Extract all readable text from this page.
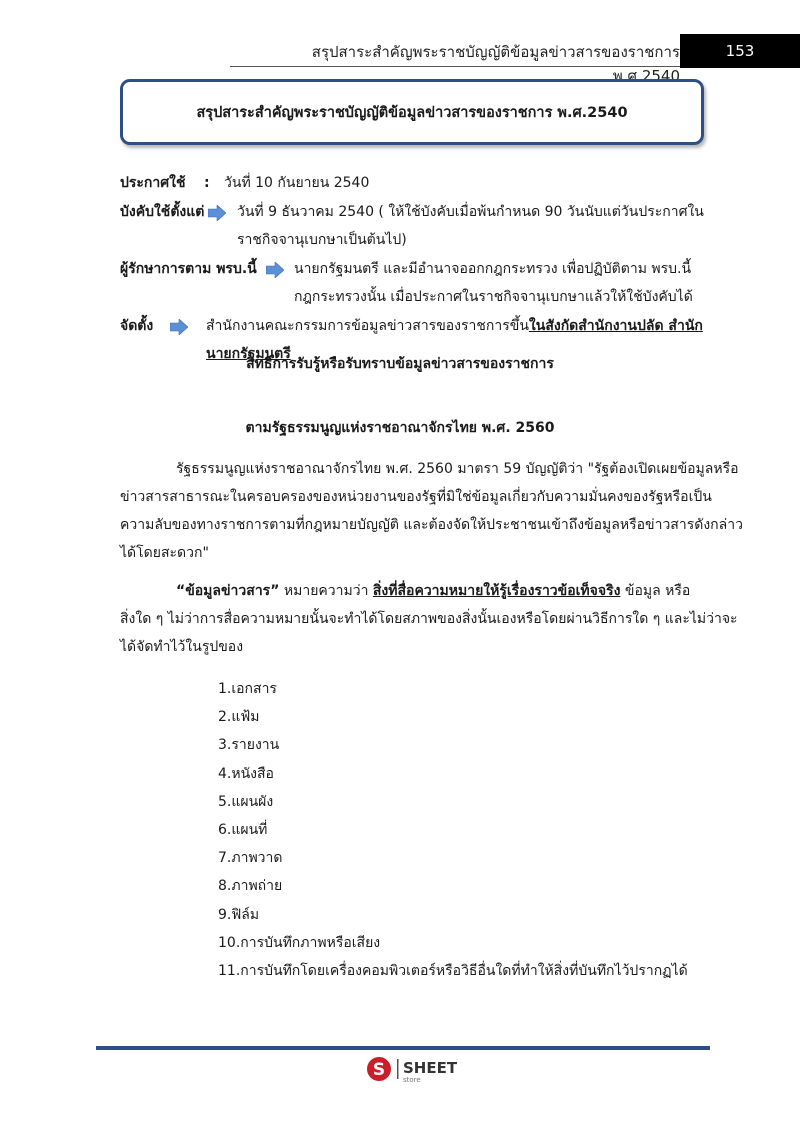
สรุปสาระสำคัญพระราชบัญญัติข้อมูลข่าวสารของราชการ พ.ศ.2540
153
สรุปสาระสำคัญพระราชบัญญัติข้อมูลข่าวสารของราชการ พ.ศ.2540
ประกาศใช้ : วันที่ 10 กันยายน 2540
บังคับใช้ตั้งแต่ วันที่ 9 ธันวาคม 2540 ( ให้ใช้บังคับเมื่อพ้นกำหนด 90 วันนับแต่วันประกาศใน
ราชกิจจานุเบกษาเป็นต้นไป)
ผู้รักษาการตาม พรบ.นี้	นายกรัฐมนตรี และมีอำนาจออกกฎกระทรวง เพื่อปฏิบัติตาม พรบ.นี้
กฎกระทรวงนั้น เมื่อประกาศในราชกิจจานุเบกษาแล้วให้ใช้บังคับได้
จัดตั้ง	สำนักงานคณะกรรมการข้อมูลข่าวสารของราชการขึ้นในสังกัดสำนักงานปลัด สำนัก
นายกรัฐมนตรี
สิทธิการรับรู้หรือรับทราบข้อมูลข่าวสารของราชการ
ตามรัฐธรรมนูญแห่งราชอาณาจักรไทย พ.ศ. 2560
รัฐธรรมนูญแห่งราชอาณาจักรไทย พ.ศ. 2560 มาตรา 59 บัญญัติว่า "รัฐต้องเปิดเผยข้อมูลหรือ
ข่าวสารสาธารณะในครอบครองของหน่วยงานของรัฐที่มิใช่ข้อมูลเกี่ยวกับความมั่นคงของรัฐหรือเป็น
ความลับของทางราชการตามที่กฎหมายบัญญัติ และต้องจัดให้ประชาชนเข้าถึงข้อมูลหรือข่าวสารดังกล่าว
ได้โดยสะดวก"
“ข้อมูลข่าวสาร” หมายความว่า สิ่งที่สื่อความหมายให้รู้เรื่องราวข้อเท็จจริง ข้อมูล หรือ
สิ่งใด ๆ ไม่ว่าการสื่อความหมายนั้นจะทำได้โดยสภาพของสิ่งนั้นเองหรือโดยผ่านวิธีการใด ๆ และไม่ว่าจะ
ได้จัดทำไว้ในรูปของ
1.เอกสาร
2.แฟ้ม
3.รายงาน
4.หนังสือ
5.แผนผัง
6.แผนที่
7.ภาพวาด
8.ภาพถ่าย
9.ฟิล์ม
10.การบันทึกภาพหรือเสียง
11.การบันทึกโดยเครื่องคอมพิวเตอร์หรือวิธีอื่นใดที่ทำให้สิ่งที่บันทึกไว้ปรากฏได้
S SHEET
store
